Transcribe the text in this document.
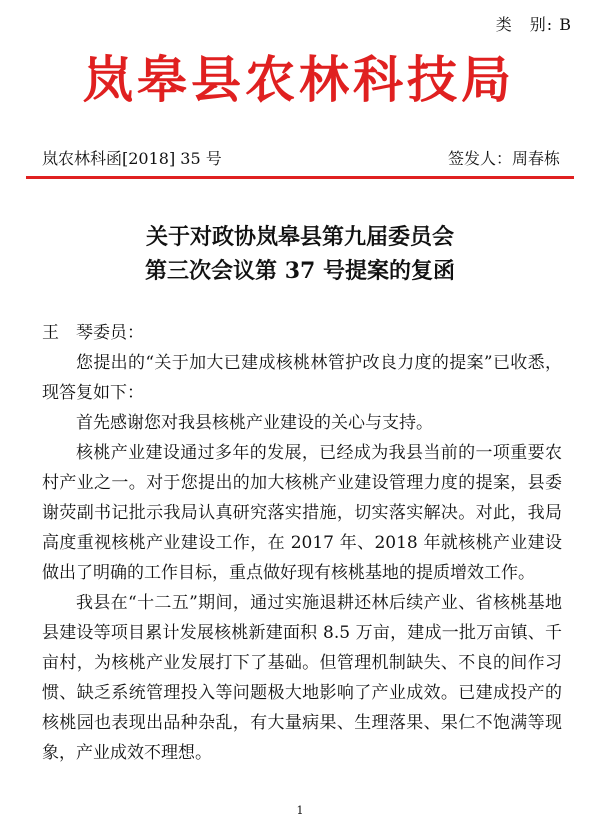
类　别: B
岚皋县农林科技局
岚农林科函[2018] 35 号	签发人：周春栋
关于对政协岚皋县第九届委员会
第三次会议第 37 号提案的复函

王　琴委员：

您提出的“关于加大已建成核桃林管护改良力度的提案”已收悉，现答复如下：

首先感谢您对我县核桃产业建设的关心与支持。

核桃产业建设通过多年的发展，已经成为我县当前的一项重要农村产业之一。对于您提出的加大核桃产业建设管理力度的提案，县委谢荧副书记批示我局认真研究落实措施，切实落实解决。对此，我局高度重视核桃产业建设工作，在 2017 年、2018 年就核桃产业建设做出了明确的工作目标，重点做好现有核桃基地的提质增效工作。

我县在“十二五”期间，通过实施退耕还林后续产业、省核桃基地县建设等项目累计发展核桃新建面积 8.5 万亩，建成一批万亩镇、千亩村，为核桃产业发展打下了基础。但管理机制缺失、不良的间作习惯、缺乏系统管理投入等问题极大地影响了产业成效。已建成投产的核桃园也表现出品种杂乱，有大量病果、生理落果、果仁不饱满等现象，产业成效不理想。

1
